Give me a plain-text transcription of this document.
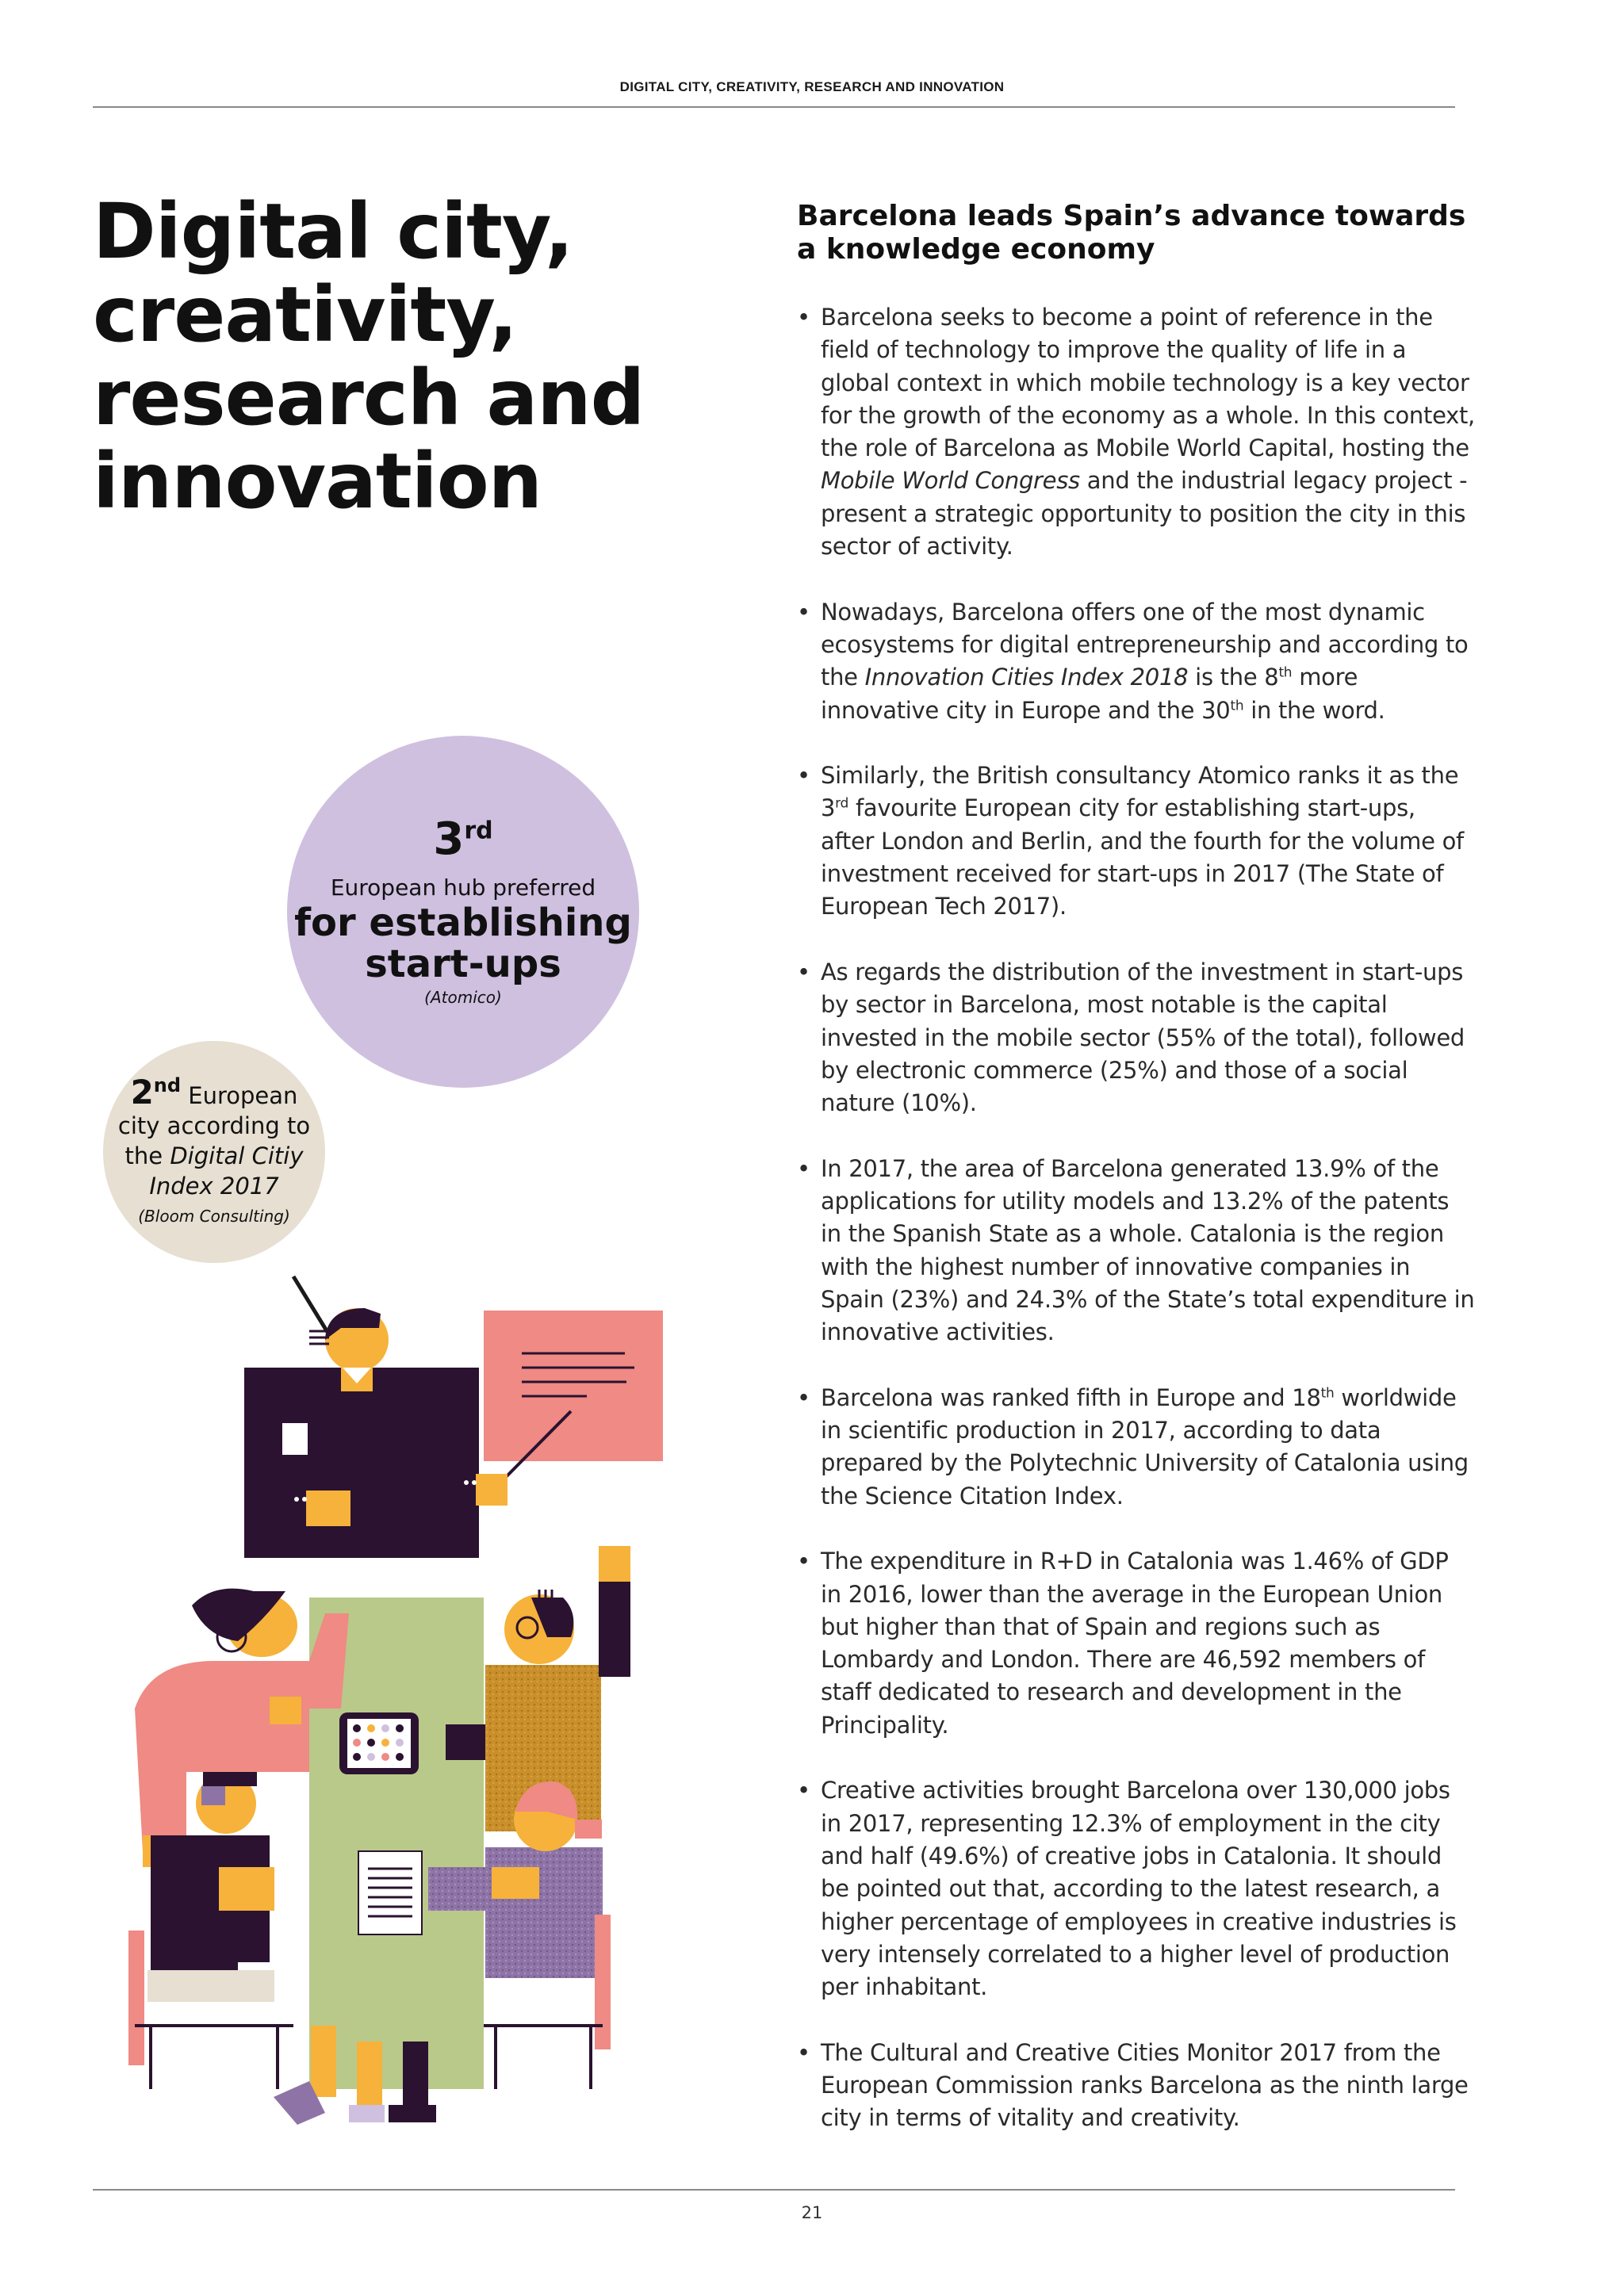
DIGITAL CITY, CREATIVITY, RESEARCH AND INNOVATION
Digital city,
creativity,
research and
innovation
Barcelona leads Spain’s advance towards a knowledge economy
• Barcelona seeks to become a point of reference in the field of technology to improve the quality of life in a global context in which mobile technology is a key vector for the growth of the economy as a whole. In this context, the role of Barcelona as Mobile World Capital, hosting the Mobile World Congress and the industrial legacy project - present a strategic opportunity to position the city in this sector of activity.
• Nowadays, Barcelona offers one of the most dynamic ecosystems for digital entrepreneurship and according to the Innovation Cities Index 2018 is the 8th more innovative city in Europe and the 30th in the word.
• Similarly, the British consultancy Atomico ranks it as the 3rd favourite European city for establishing start-ups, after London and Berlin, and the fourth for the volume of investment received for start-ups in 2017 (The State of European Tech 2017).
• As regards the distribution of the investment in start-ups by sector in Barcelona, most notable is the capital invested in the mobile sector (55% of the total), followed by electronic commerce (25%) and those of a social nature (10%).
• In 2017, the area of Barcelona generated 13.9% of the applications for utility models and 13.2% of the patents in the Spanish State as a whole. Catalonia is the region with the highest number of innovative companies in Spain (23%) and 24.3% of the State’s total expenditure in innovative activities.
• Barcelona was ranked fifth in Europe and 18th worldwide in scientific production in 2017, according to data prepared by the Polytechnic University of Catalonia using the Science Citation Index.
• The expenditure in R+D in Catalonia was 1.46% of GDP in 2016, lower than the average in the European Union but higher than that of Spain and regions such as Lombardy and London. There are 46,592 members of staff dedicated to research and development in the Principality.
• Creative activities brought Barcelona over 130,000 jobs in 2017, representing 12.3% of employment in the city and half (49.6%) of creative jobs in Catalonia. It should be pointed out that, according to the latest research, a higher percentage of employees in creative industries is very intensely correlated to a higher level of production per inhabitant.
• The Cultural and Creative Cities Monitor 2017 from the European Commission ranks Barcelona as the ninth large city in terms of vitality and creativity.
3rd
European hub preferred
for establishing
start-ups
(Atomico)
2nd European
city according to
the Digital Citiy
Index 2017
(Bloom Consulting)
21
